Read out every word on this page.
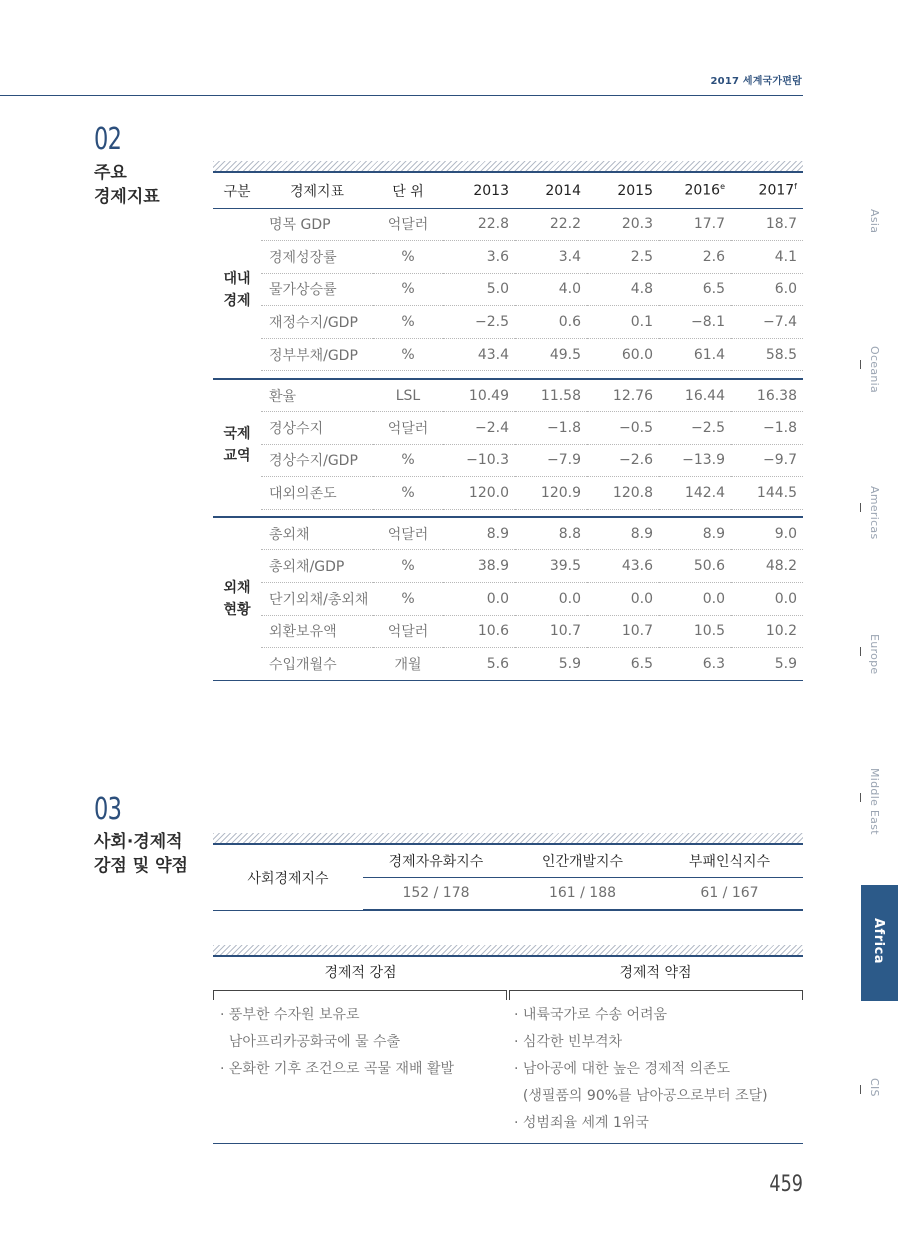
2017 세계국가편람
02
주요
경제지표	구분	경제지표	단 위	2013	2014	2015	2016e	2017$^f$

대내
경제	명목 GDP	억달러	22.8	22.2	20.3	17.7	18.7
	경제성장률	%	3.6	3.4	2.5	2.6	4.1
	물가상승률	%	5.0	4.0	4.8	6.5	6.0
	재정수지/GDP	%	−2.5	0.6	0.1	−8.1	−7.4
	정부부채/GDP	%	43.4	49.5	60.0	61.4	58.5

국제
교역	환율	LSL	10.49	11.58	12.76	16.44	16.38
	경상수지	억달러	−2.4	−1.8	−0.5	−2.5	−1.8
	경상수지/GDP	%	−10.3	−7.9	−2.6	−13.9	−9.7
	대외의존도	%	120.0	120.9	120.8	142.4	144.5

외채
현황	총외채	억달러	8.9	8.8	8.9	8.9	9.0
	총외채/GDP	%	38.9	39.5	43.6	50.6	48.2
	단기외채/총외채	%	0.0	0.0	0.0	0.0	0.0
	외환보유액	억달러	10.6	10.7	10.7	10.5	10.2
	수입개월수	개월	5.6	5.9	6.5	6.3	5.9
03
사회·경제적
강점 및 약점
사회경제지수	경제자유화지수	인간개발지수	부패인식지수
	152 / 178	161 / 188	61 / 167
경제적 강점	경제적 약점
· 풍부한 수자원 보유로
남아프리카공화국에 물 수출
· 온화한 기후 조건으로 곡물 재배 활발
· 내륙국가로 수송 어려움
· 심각한 빈부격차
· 남아공에 대한 높은 경제적 의존도
(생필품의 90%를 남아공으로부터 조달)
· 성범죄율 세계 1위국
Asia
Oceania
Americas
Europe
Middle East
Africa
CIS
459
